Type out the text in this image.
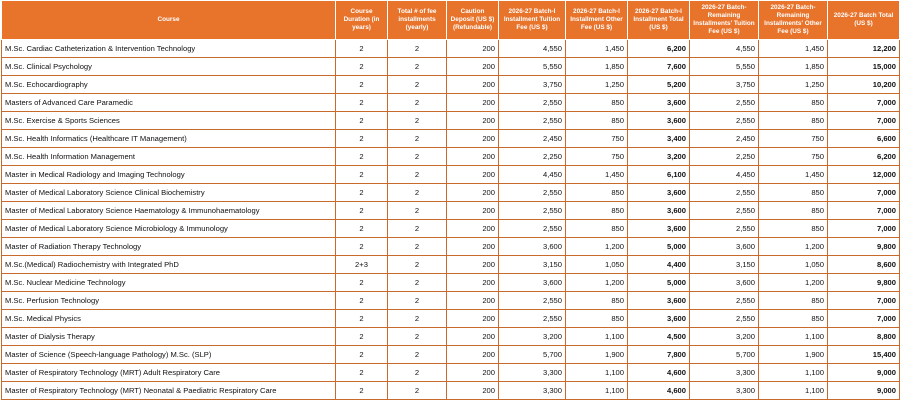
Course	Course Duration (in years)	Total # of fee installments (yearly)	Caution Deposit (US $) (Refundable)	2026-27 Batch-I Installment Tuition Fee (US $)	2026-27 Batch-I Installment Other Fee (US $)	2026-27 Batch-I Installment Total (US $)	2026-27 Batch-Remaining Installments' Tuition Fee (US $)	2026-27 Batch-Remaining Installments' Other Fee (US $)	2026-27 Batch Total (US $)
M.Sc. Cardiac Catheterization & Intervention Technology	2	2	200	4,550	1,450	6,200	4,550	1,450	12,200
M.Sc. Clinical Psychology	2	2	200	5,550	1,850	7,600	5,550	1,850	15,000
M.Sc. Echocardiography	2	2	200	3,750	1,250	5,200	3,750	1,250	10,200
Masters of Advanced Care Paramedic	2	2	200	2,550	850	3,600	2,550	850	7,000
M.Sc. Exercise & Sports Sciences	2	2	200	2,550	850	3,600	2,550	850	7,000
M.Sc. Health Informatics (Healthcare IT Management)	2	2	200	2,450	750	3,400	2,450	750	6,600
M.Sc. Health Information Management	2	2	200	2,250	750	3,200	2,250	750	6,200
Master in Medical Radiology and Imaging Technology	2	2	200	4,450	1,450	6,100	4,450	1,450	12,000
Master of Medical Laboratory Science Clinical Biochemistry	2	2	200	2,550	850	3,600	2,550	850	7,000
Master of Medical Laboratory Science Haematology & Immunohaematology	2	2	200	2,550	850	3,600	2,550	850	7,000
Master of Medical Laboratory Science Microbiology & Immunology	2	2	200	2,550	850	3,600	2,550	850	7,000
Master of Radiation Therapy Technology	2	2	200	3,600	1,200	5,000	3,600	1,200	9,800
M.Sc.(Medical) Radiochemistry with Integrated PhD	2+3	2	200	3,150	1,050	4,400	3,150	1,050	8,600
M.Sc. Nuclear Medicine Technology	2	2	200	3,600	1,200	5,000	3,600	1,200	9,800
M.Sc. Perfusion Technology	2	2	200	2,550	850	3,600	2,550	850	7,000
M.Sc. Medical Physics	2	2	200	2,550	850	3,600	2,550	850	7,000
Master of Dialysis Therapy	2	2	200	3,200	1,100	4,500	3,200	1,100	8,800
Master of Science (Speech-language Pathology) M.Sc. (SLP)	2	2	200	5,700	1,900	7,800	5,700	1,900	15,400
Master of Respiratory Technology (MRT) Adult Respiratory Care	2	2	200	3,300	1,100	4,600	3,300	1,100	9,000
Master of Respiratory Technology (MRT) Neonatal & Paediatric Respiratory Care	2	2	200	3,300	1,100	4,600	3,300	1,100	9,000
